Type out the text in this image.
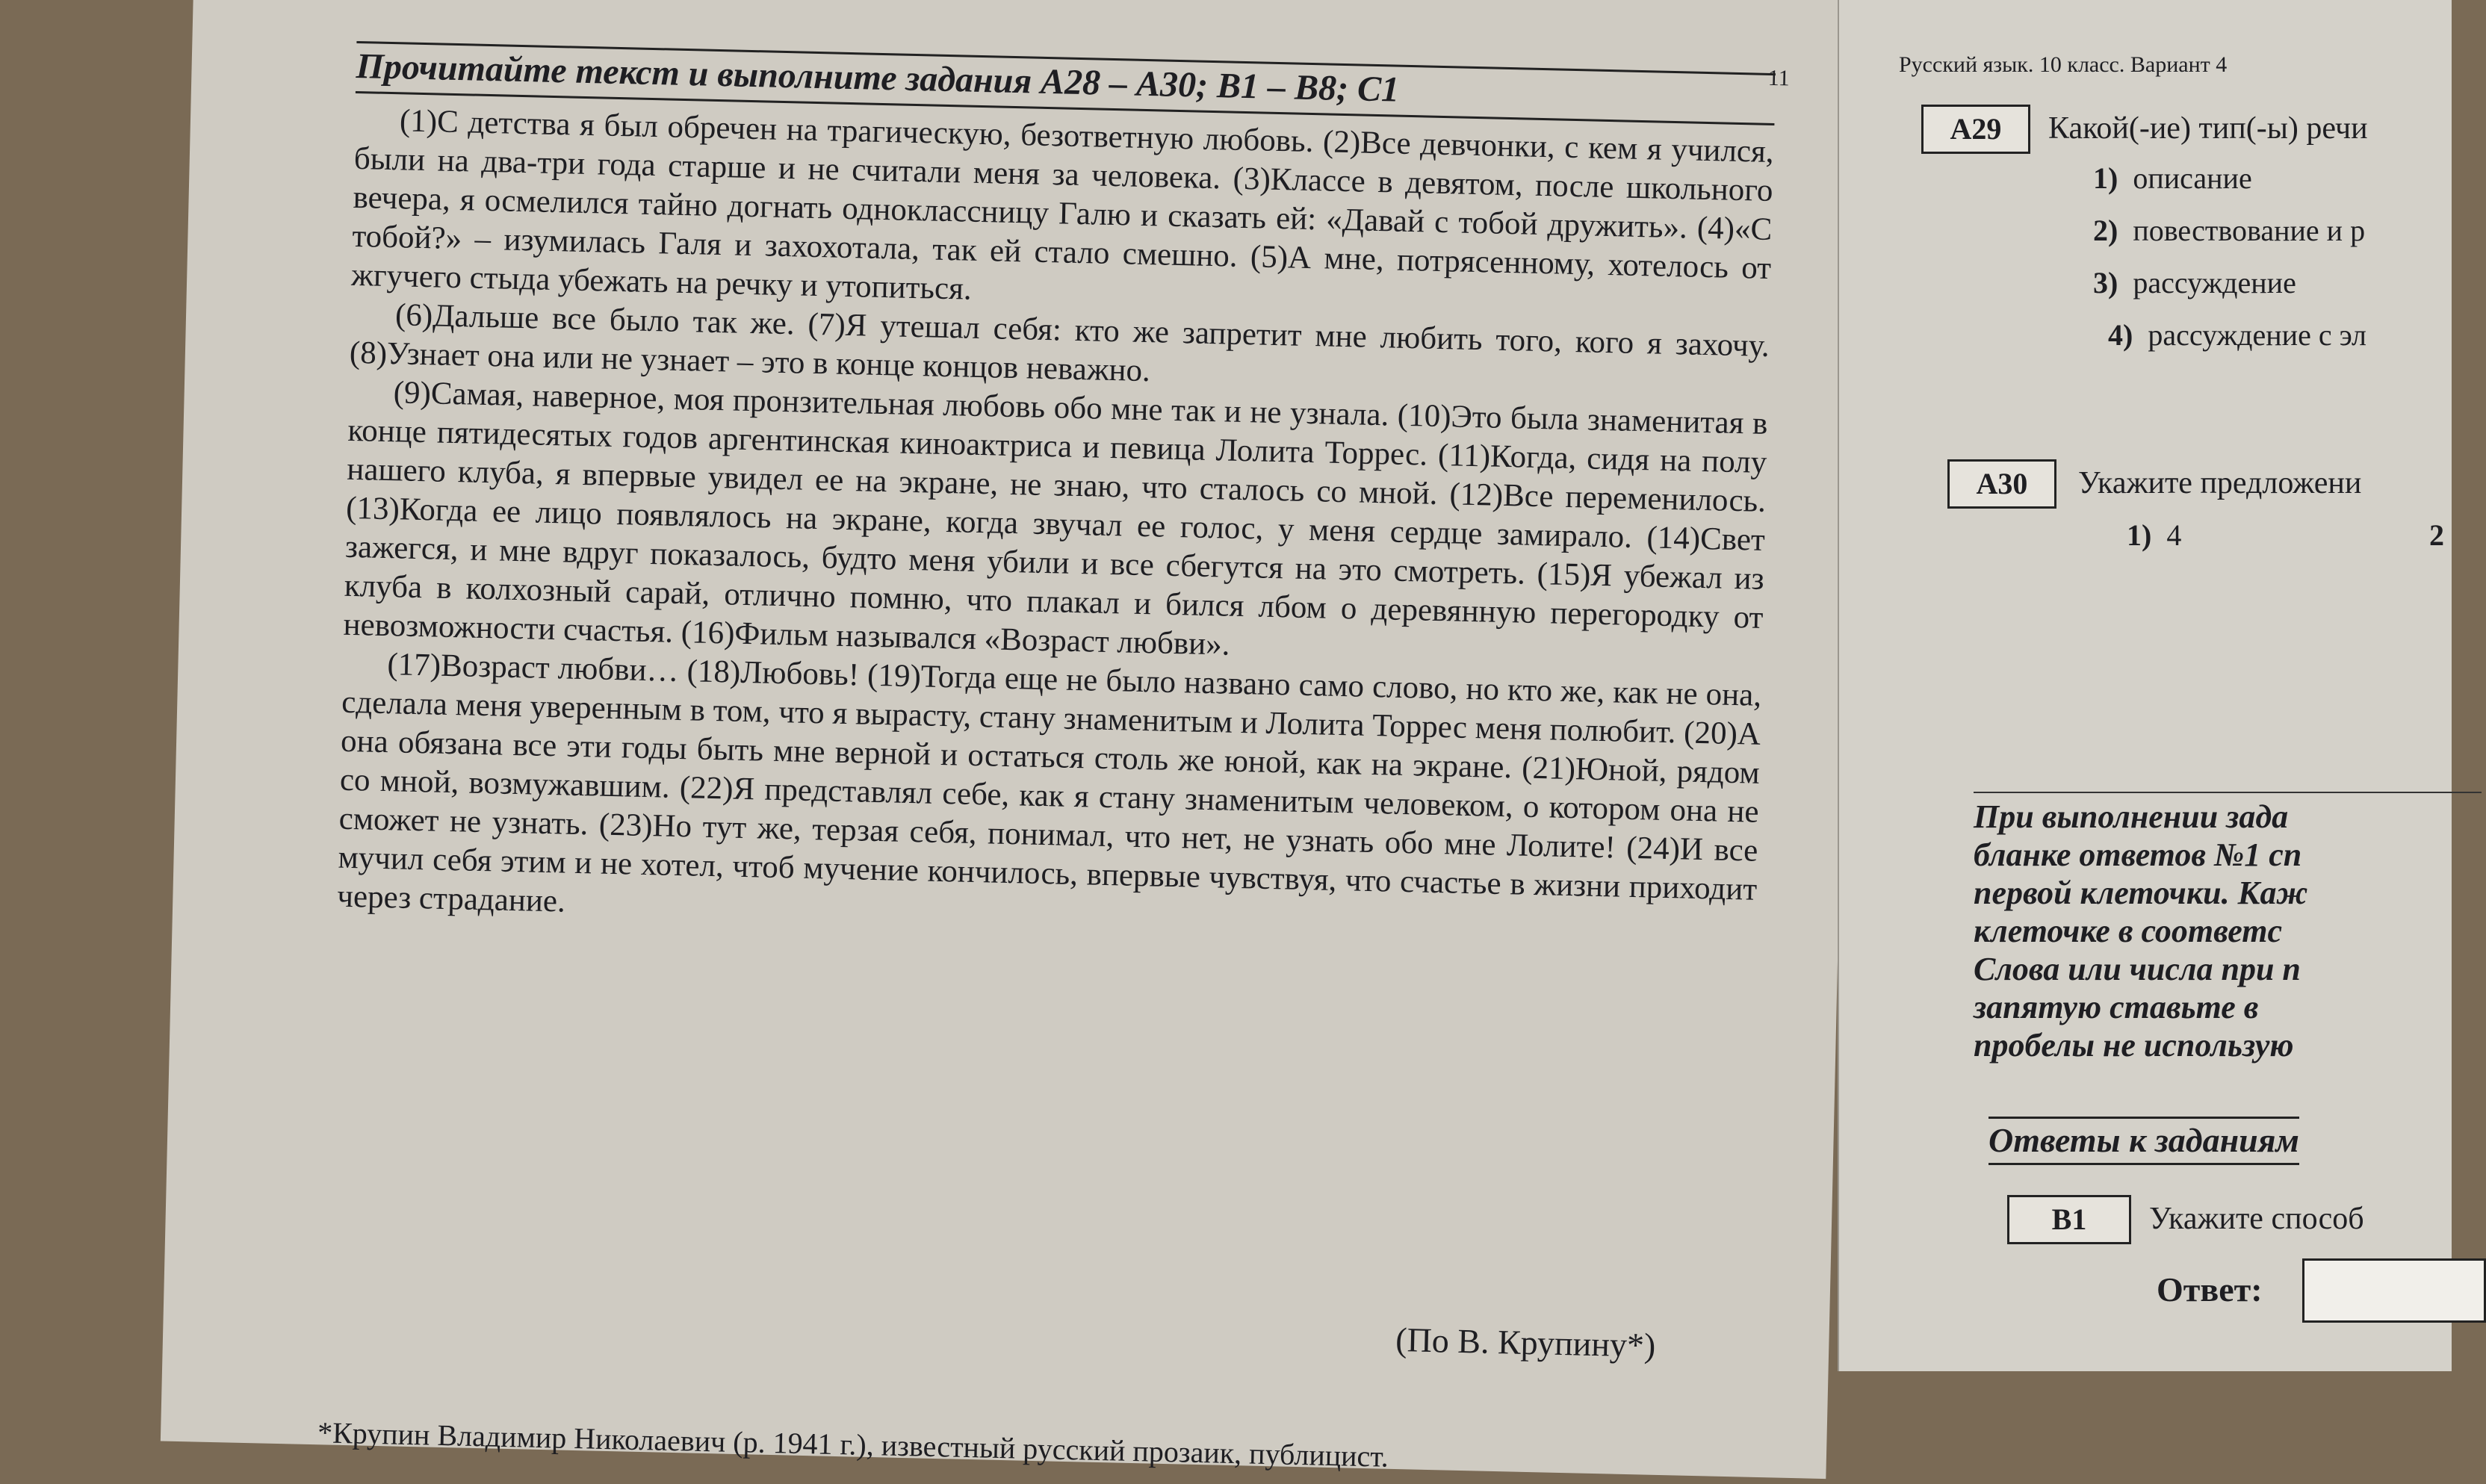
11
Прочитайте текст и выполните задания А28 – А30; В1 – В8; С1

(1)С детства я был обречен на трагическую, безответную любовь. (2)Все девчонки, с кем я учился, были на два-три года старше и не считали меня за человека. (3)Классе в девятом, после школьного вечера, я осмелился тайно догнать одноклассницу Галю и сказать ей: «Давай с тобой дружить». (4)«С тобой?» – изумилась Галя и захохотала, так ей стало смешно. (5)А мне, потрясенному, хотелось от жгучего стыда убежать на речку и утопиться.

(6)Дальше все было так же. (7)Я утешал себя: кто же запретит мне любить того, кого я захочу. (8)Узнает она или не узнает – это в конце концов неважно.

(9)Самая, наверное, моя пронзительная любовь обо мне так и не узнала. (10)Это была знаменитая в конце пятидесятых годов аргентинская киноактриса и певица Лолита Торрес. (11)Когда, сидя на полу нашего клуба, я впервые увидел ее на экране, не знаю, что сталось со мной. (12)Все переменилось. (13)Когда ее лицо появлялось на экране, когда звучал ее голос, у меня сердце замирало. (14)Свет зажегся, и мне вдруг показалось, будто меня убили и все сбегутся на это смотреть. (15)Я убежал из клуба в колхозный сарай, отлично помню, что плакал и бился лбом о деревянную перегородку от невозможности счастья. (16)Фильм назывался «Возраст любви».

(17)Возраст любви… (18)Любовь! (19)Тогда еще не было названо само слово, но кто же, как не она, сделала меня уверенным в том, что я вырасту, стану знаменитым и Лолита Торрес меня полюбит. (20)А она обязана все эти годы быть мне верной и остаться столь же юной, как на экране. (21)Юной, рядом со мной, возмужавшим. (22)Я представлял себе, как я стану знаменитым человеком, о котором она не сможет не узнать. (23)Но тут же, терзая себя, понимал, что нет, не узнать обо мне Лолите! (24)И все мучил себя этим и не хотел, чтоб мучение кончилось, впервые чувствуя, что счастье в жизни приходит через страдание.

(По В. Крупину*)
*Крупин Владимир Николаевич (р. 1941 г.), известный русский прозаик, публицист.
Русский язык. 10 класс. Вариант 4
А29	Какой(-ие) тип(-ы) речи
1) описание
2) повествование и р
3) рассуждение
4) рассуждение с эл
А30	Укажите предложени
1) 4	2
При выполнении зада
бланке ответов №1 сп
первой клеточки. Каж
клеточке в соответс
Слова или числа при п
запятую ставьте в
пробелы не использую
Ответы к заданиям
В1	Укажите способ
Ответ:
